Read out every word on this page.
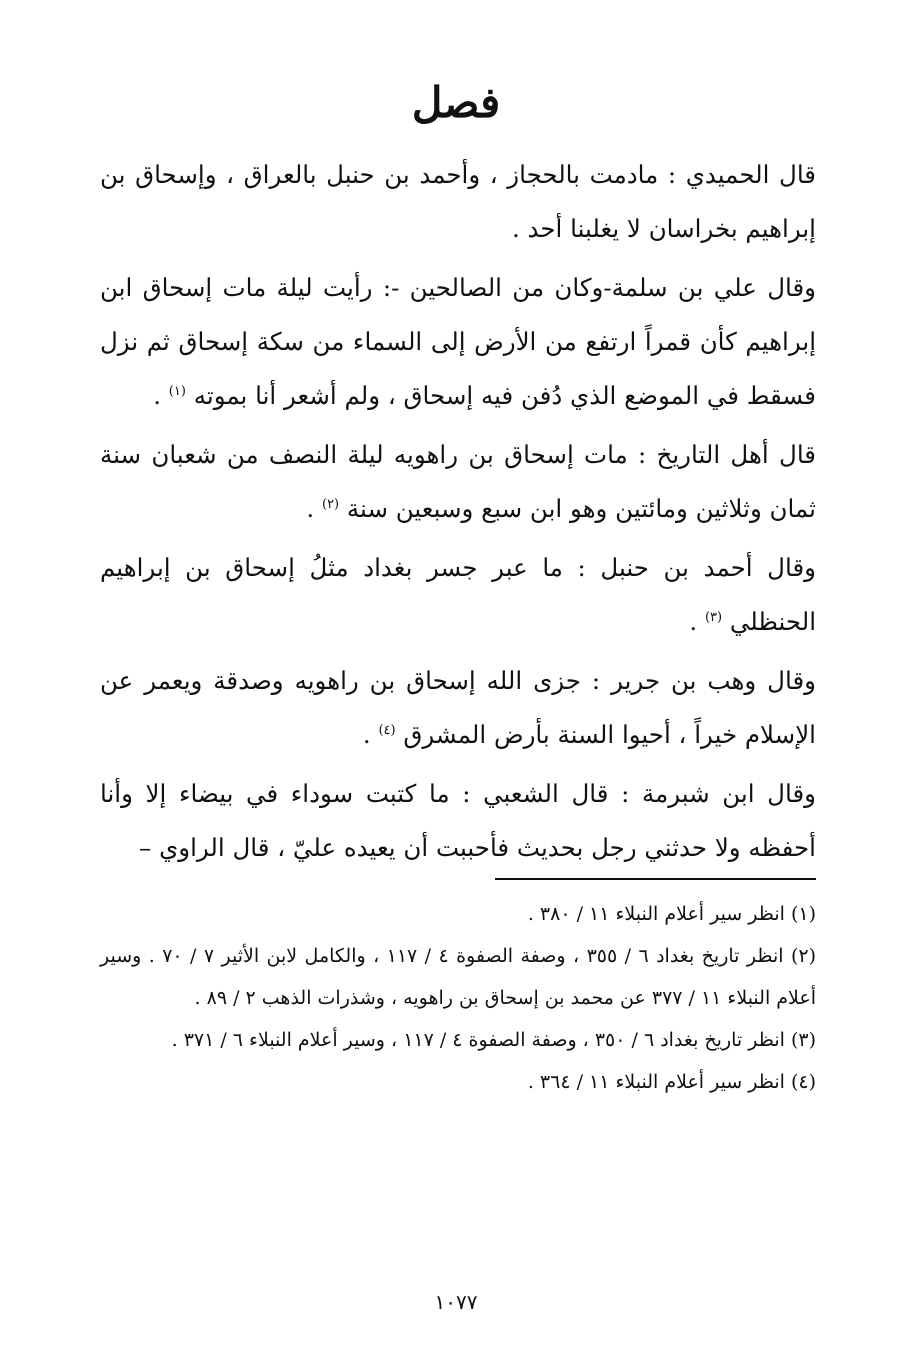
فصل

قال الحميدي : مادمت بالحجاز ، وأحمد بن حنبل بالعراق ، وإسحاق بن إبراهيم بخراسان لا يغلبنا أحد .

وقال علي بن سلمة-وكان من الصالحين -: رأيت ليلة مات إسحاق ابن إبراهيم كأن قمراً ارتفع من الأرض إلى السماء من سكة إسحاق ثم نزل فسقط في الموضع الذي دُفن فيه إسحاق ، ولم أشعر أنا بموته $^{(١)}$ .

قال أهل التاريخ : مات إسحاق بن راهويه ليلة النصف من شعبان سنة ثمان وثلاثين ومائتين وهو ابن سبع وسبعين سنة $^{(٢)}$ .

وقال أحمد بن حنبل : ما عبر جسر بغداد مثلُ إسحاق بن إبراهيم الحنظلي $^{(٣)}$ .

وقال وهب بن جرير : جزى الله إسحاق بن راهويه وصدقة ويعمر عن الإسلام خيراً ، أحيوا السنة بأرض المشرق $^{(٤)}$ .

وقال ابن شبرمة : قال الشعبي : ما كتبت سوداء في بيضاء إلا وأنا أحفظه ولا حدثني رجل بحديث فأحببت أن يعيده عليّ ، قال الراوي –

(١) انظر سير أعلام النبلاء ١١ / ٣٨٠ .

(٢) انظر تاريخ بغداد ٦ / ٣٥٥ ، وصفة الصفوة ٤ / ١١٧ ، والكامل لابن الأثير ٧ / ٧٠ . وسير أعلام النبلاء ١١ / ٣٧٧ عن محمد بن إسحاق بن راهويه ، وشذرات الذهب ٢ / ٨٩ .

(٣) انظر تاريخ بغداد ٦ / ٣٥٠ ، وصفة الصفوة ٤ / ١١٧ ، وسير أعلام النبلاء ٦ / ٣٧١ .

(٤) انظر سير أعلام النبلاء ١١ / ٣٦٤ .

١٠٧٧
